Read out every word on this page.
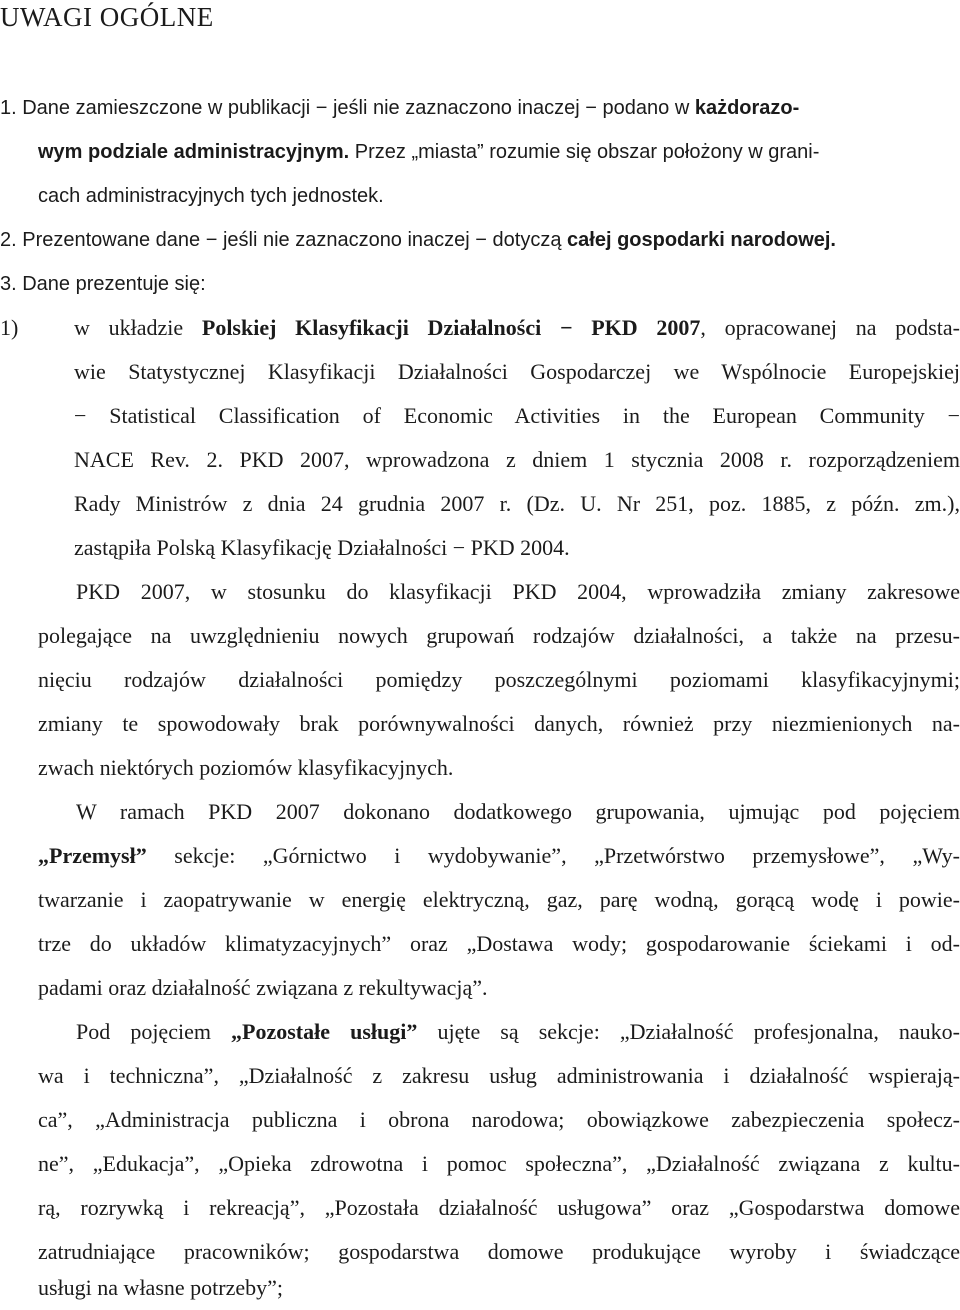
UWAGI OGÓLNE
1. Dane zamieszczone w publikacji − jeśli nie zaznaczono inaczej − podano w każdorazo-
wym podziale administracyjnym. Przez „miasta” rozumie się obszar położony w grani-
cach administracyjnych tych jednostek.
2. Prezentowane dane − jeśli nie zaznaczono inaczej − dotyczą całej gospodarki narodowej.
3. Dane prezentuje się:
1)	w układzie Polskiej Klasyfikacji Działalności − PKD 2007, opracowanej na podsta-
wie Statystycznej Klasyfikacji Działalności Gospodarczej we Wspólnocie Europejskiej
− Statistical Classification of Economic Activities in the European Community −
NACE Rev. 2. PKD 2007, wprowadzona z dniem 1 stycznia 2008 r. rozporządzeniem
Rady Ministrów z dnia 24 grudnia 2007 r. (Dz. U. Nr 251, poz. 1885, z późn. zm.),
zastąpiła Polską Klasyfikację Działalności − PKD 2004.
PKD 2007, w stosunku do klasyfikacji PKD 2004, wprowadziła zmiany zakresowe
polegające na uwzględnieniu nowych grupowań rodzajów działalności, a także na przesu-
nięciu rodzajów działalności pomiędzy poszczególnymi poziomami klasyfikacyjnymi;
zmiany te spowodowały brak porównywalności danych, również przy niezmienionych na-
zwach niektórych poziomów klasyfikacyjnych.
W ramach PKD 2007 dokonano dodatkowego grupowania, ujmując pod pojęciem
„Przemysł” sekcje: „Górnictwo i wydobywanie”, „Przetwórstwo przemysłowe”, „Wy-
twarzanie i zaopatrywanie w energię elektryczną, gaz, parę wodną, gorącą wodę i powie-
trze do układów klimatyzacyjnych” oraz „Dostawa wody; gospodarowanie ściekami i od-
padami oraz działalność związana z rekultywacją”.
Pod pojęciem „Pozostałe usługi” ujęte są sekcje: „Działalność profesjonalna, nauko-
wa i techniczna”, „Działalność z zakresu usług administrowania i działalność wspierają-
ca”, „Administracja publiczna i obrona narodowa; obowiązkowe zabezpieczenia społecz-
ne”, „Edukacja”, „Opieka zdrowotna i pomoc społeczna”, „Działalność związana z kultu-
rą, rozrywką i rekreacją”, „Pozostała działalność usługowa” oraz „Gospodarstwa domowe
zatrudniające pracowników; gospodarstwa domowe produkujące wyroby i świadczące
usługi na własne potrzeby”;
